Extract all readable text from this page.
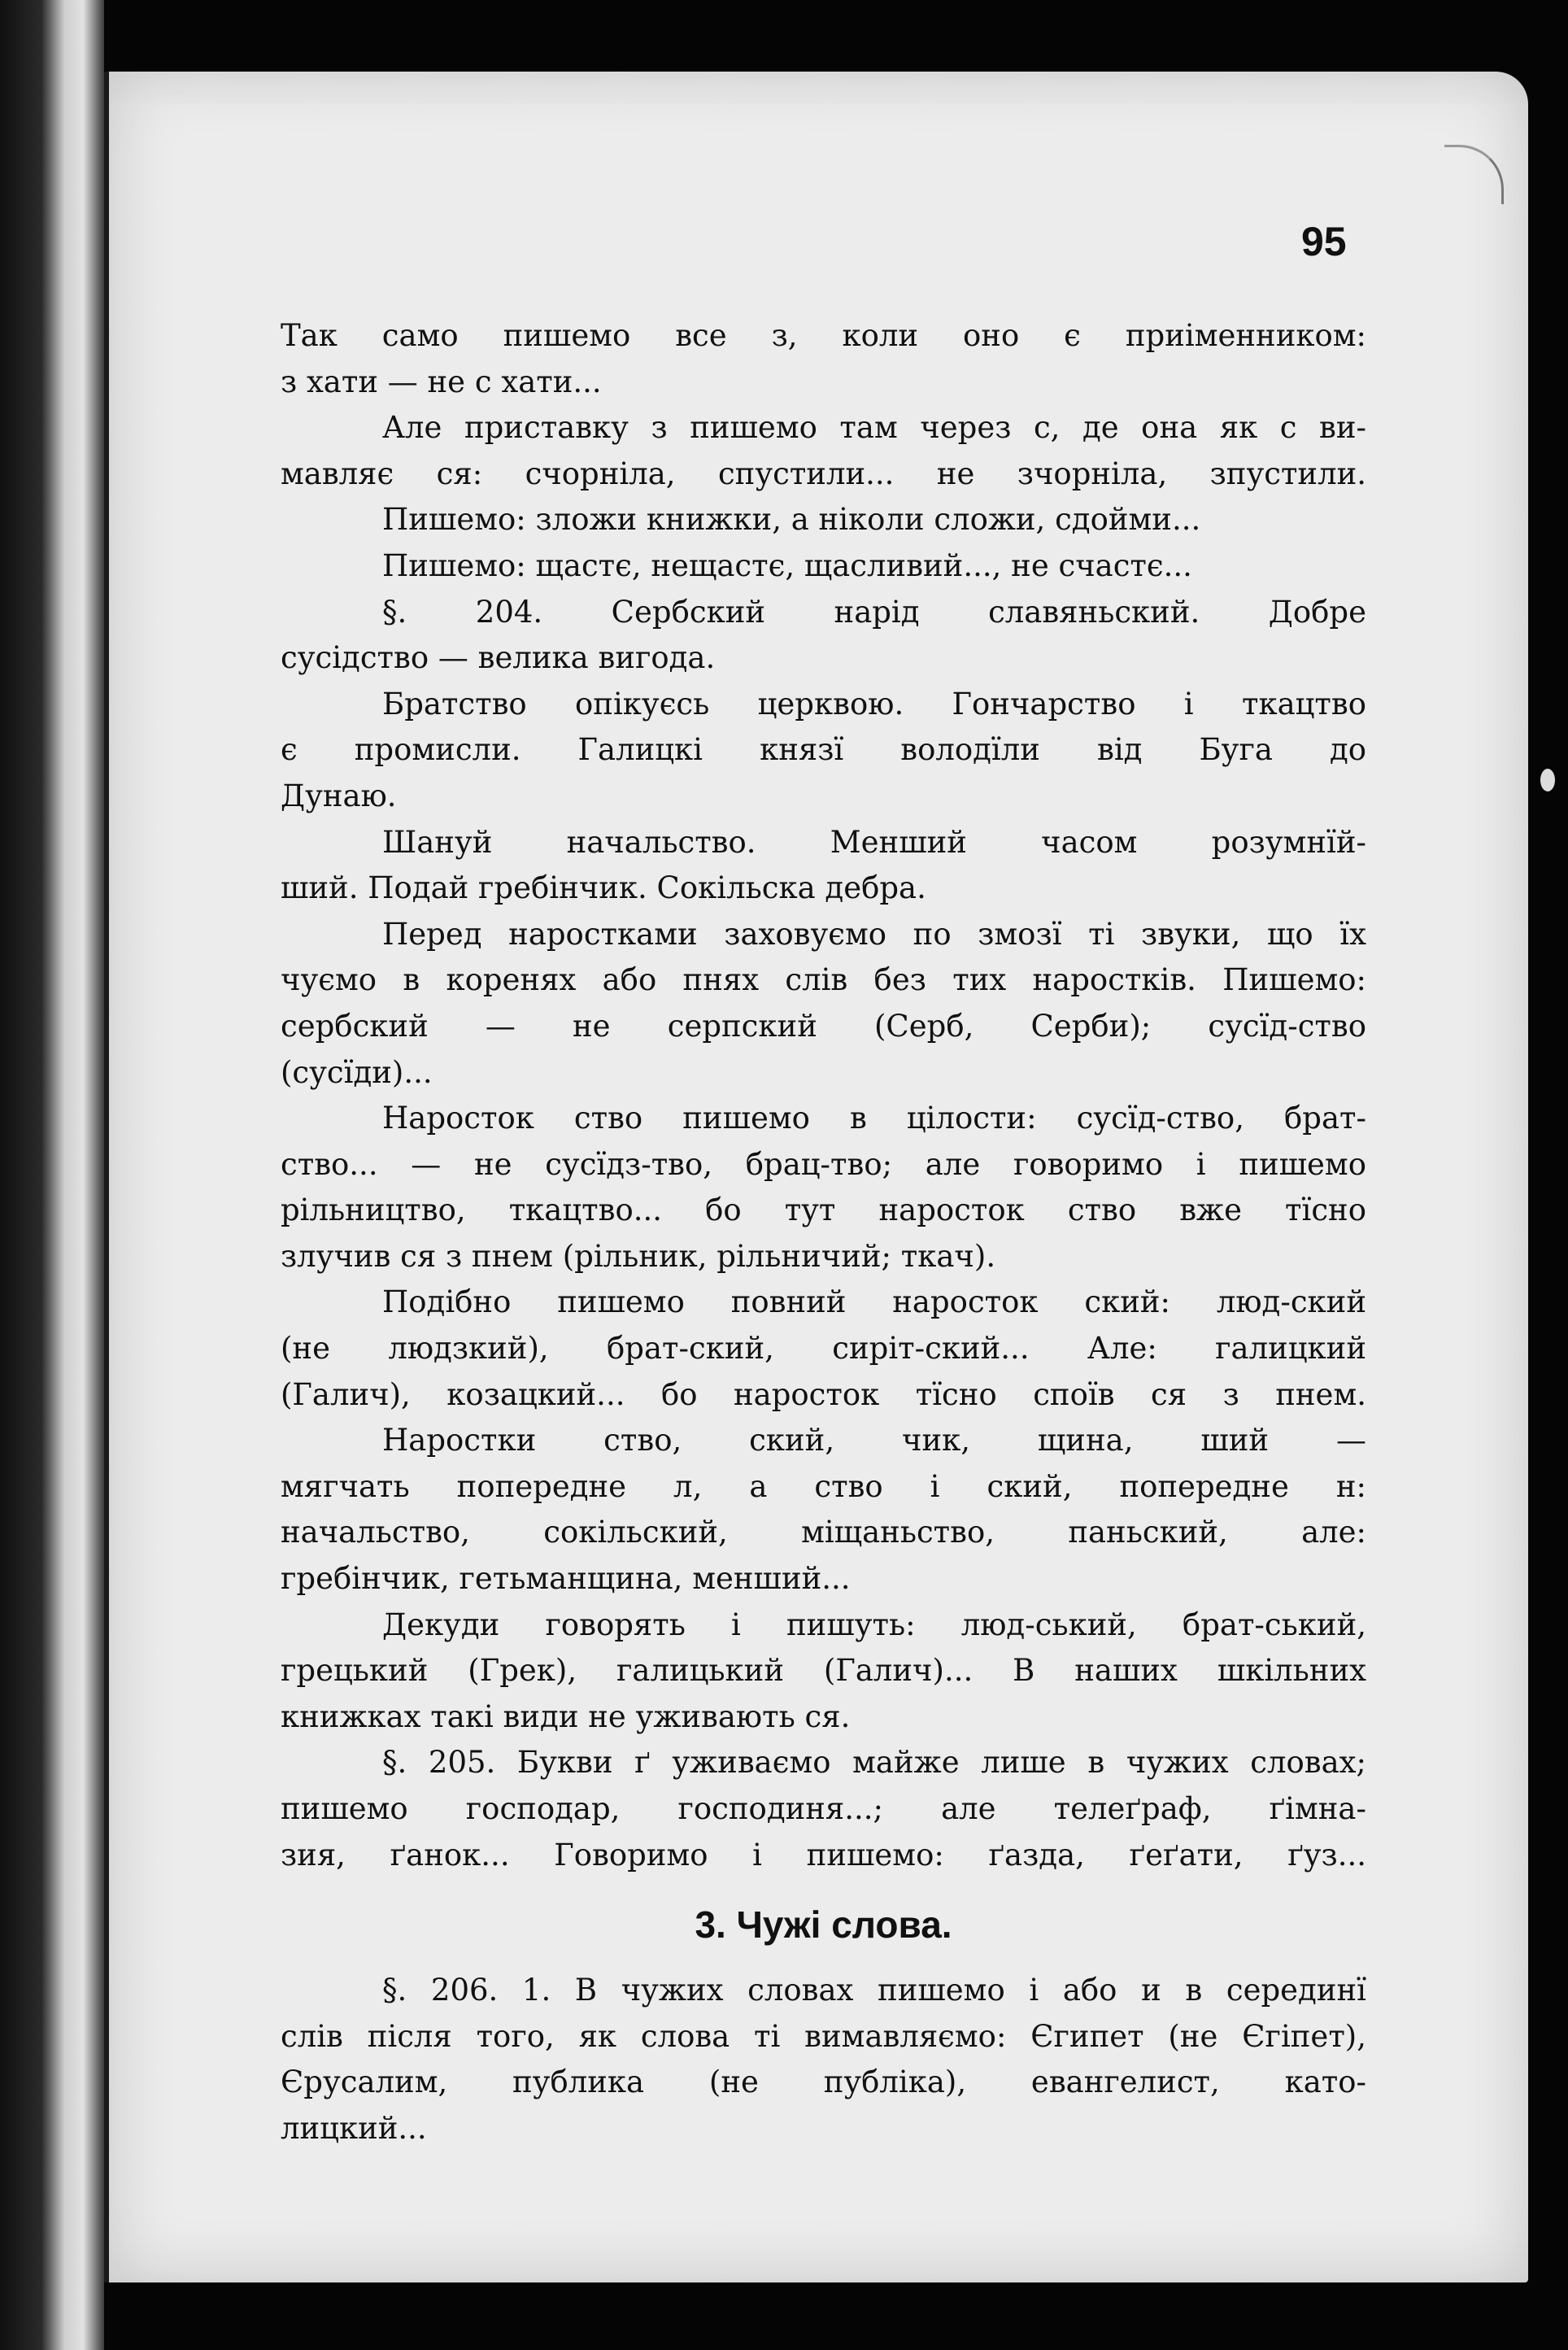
95
Так само пишемо все з, коли оно є приіменником:
з хати — не с хати...
Але приставку з пишемо там через с, де она як с ви-
мавляє ся: счорніла, спустили... не зчорніла, зпустили.
Пишемо: зложи книжки, а ніколи сложи, сдойми...
Пишемо: щастє, нещастє, щасливий..., не счастє...
§. 204. Сербский нарід славяньский. Добре
сусідство — велика вигода.
Братство опікуєсь церквою. Гончарство і ткацтво
є промисли. Галицкі князї володїли від Буга до
Дунаю.
Шануй начальство. Менший часом розумнїй-
ший. Подай гребінчик. Сокільска дебра.
Перед наростками заховуємо по змозї ті звуки, що їх
чуємо в коренях або пнях слів без тих наростків. Пишемо:
сербский — не серпский (Серб, Серби); сусїд-ство
(сусїди)...
Наросток ство пишемо в цілости: сусїд-ство, брат-
ство... — не сусїдз-тво, брац-тво; але говоримо і пишемо
рільництво, ткацтво... бо тут наросток ство вже тїсно
злучив ся з пнем (рільник, рільничий; ткач).
Подібно пишемо повний наросток ский: люд-ский
(не людзкий), брат-ский, сиріт-ский... Але: галицкий
(Галич), козацкий... бо наросток тїсно споїв ся з пнем.
Наростки ство, ский, чик, щина, ший —
мягчать попередне л, а ство і ский, попередне н:
начальство, сокільский, міщаньство, паньский, але:
гребінчик, гетьманщина, менший...
Декуди говорять і пишуть: люд-ський, брат-ський,
грецький (Грек), галицький (Галич)... В наших шкільних
книжках такі види не уживають ся.
§. 205. Букви ґ уживаємо майже лише в чужих словах;
пишемо господар, господиня...; але телеґраф, ґімна-
зия, ґанок... Говоримо і пишемо: ґазда, ґеґати, ґуз...
3. Чужі слова.
§. 206. 1. В чужих словах пишемо і або и в серединї
слів після того, як слова ті вимавляємо: Єгипет (не Єгіпет),
Єрусалим, публика (не публіка), евангелист, като-
лицкий...
